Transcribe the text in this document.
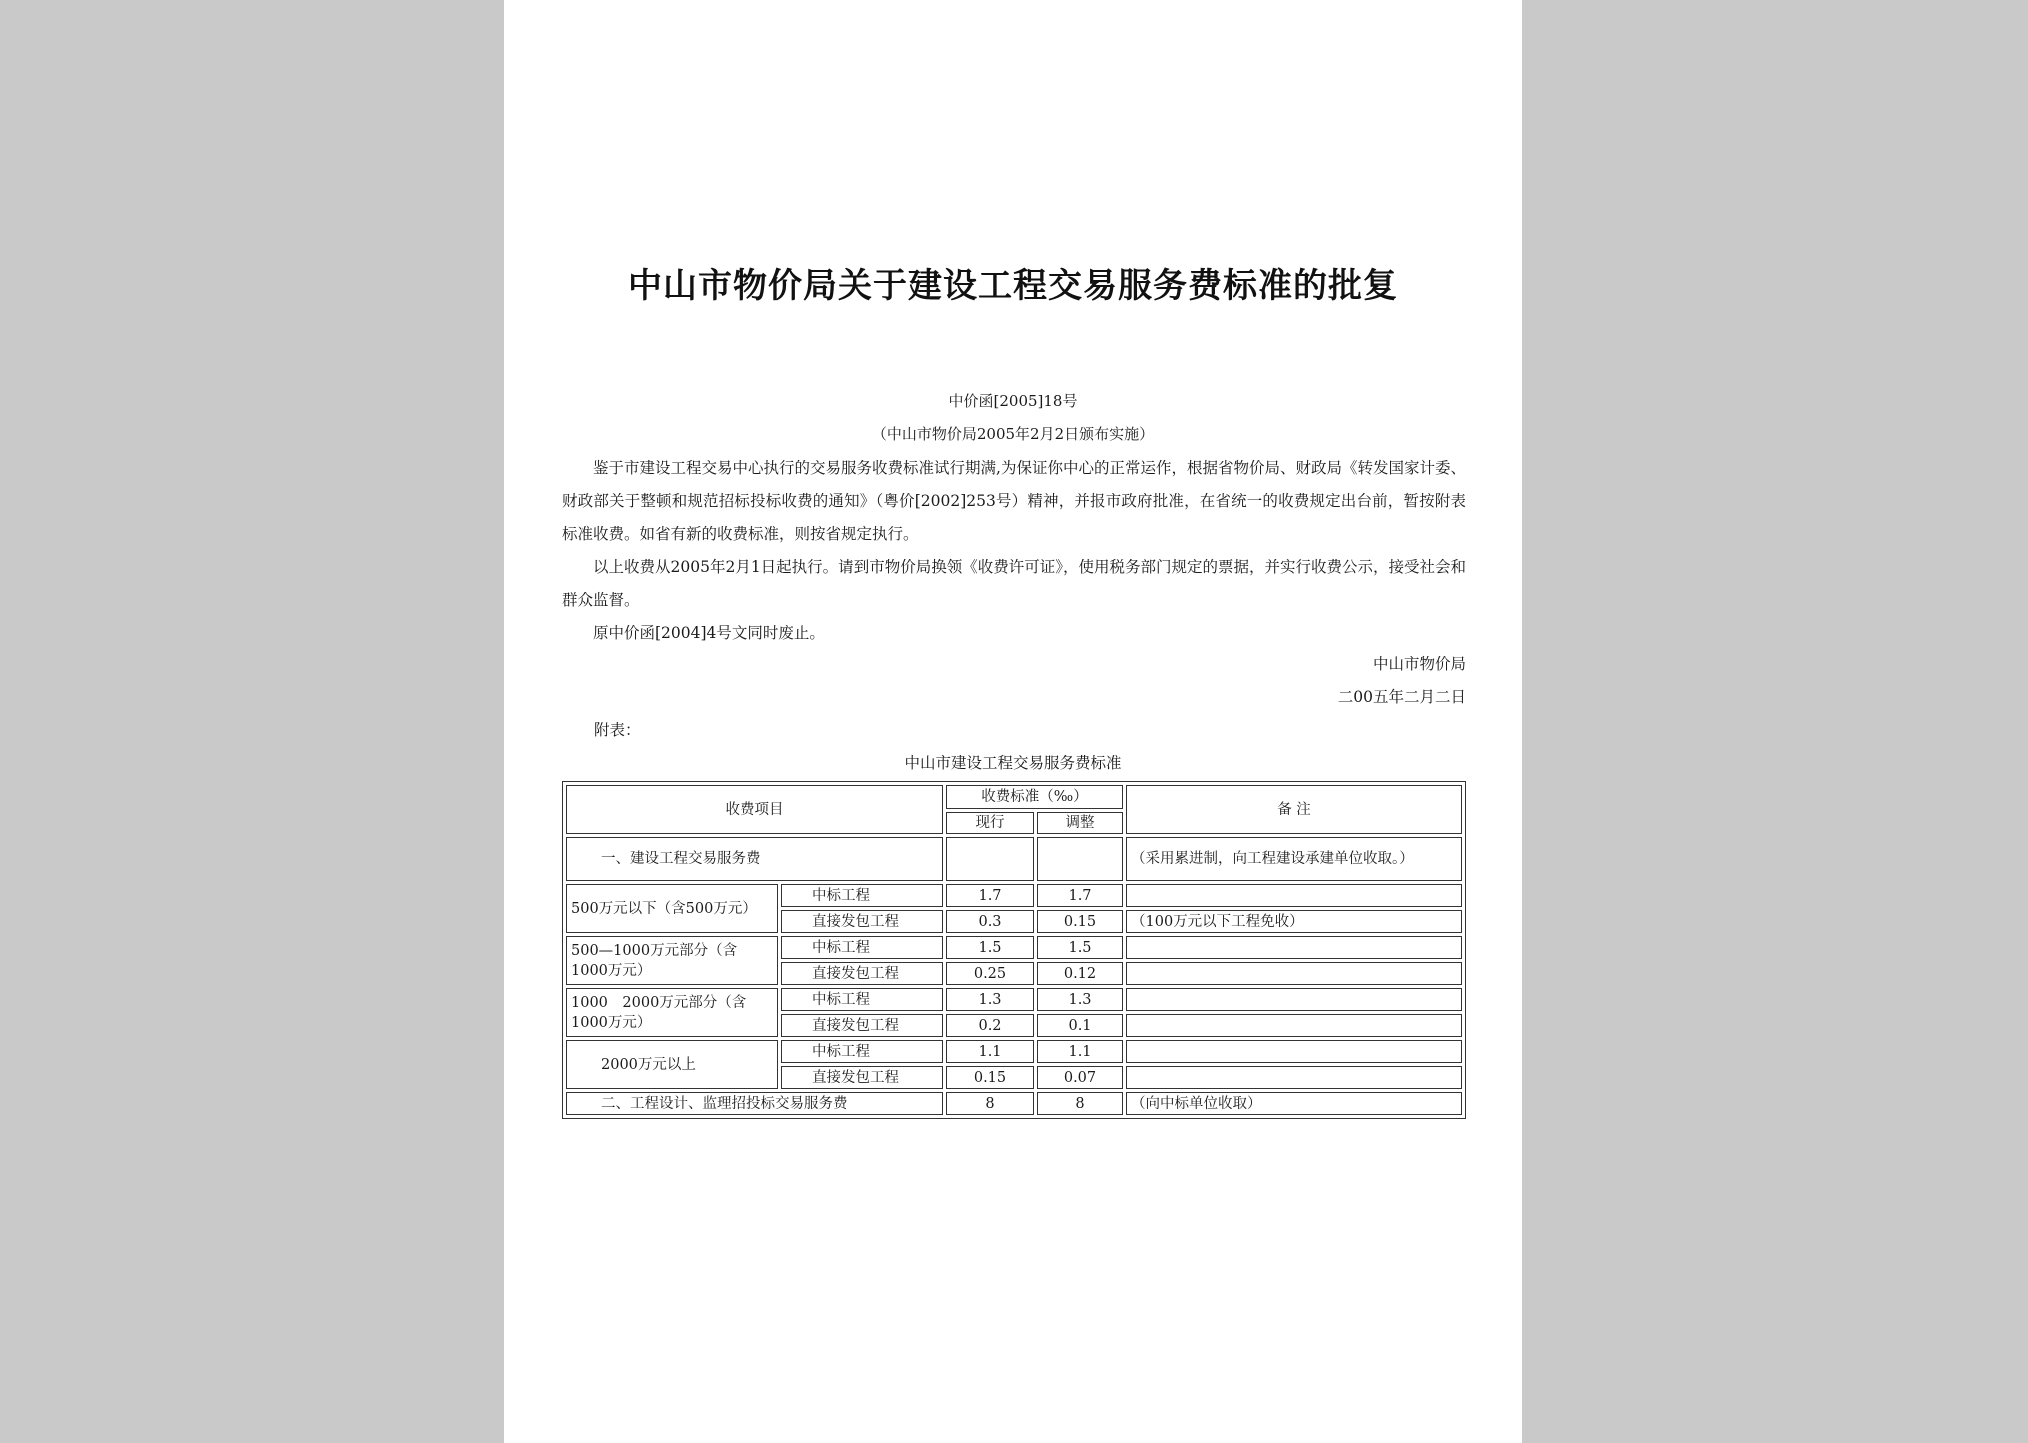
中山市物价局关于建设工程交易服务费标准的批复
中价函[2005]18号
（中山市物价局2005年2月2日颁布实施）

鉴于市建设工程交易中心执行的交易服务收费标准试行期满,为保证你中心的正常运作，根据省物价局、财政局《转发国家计委、财政部关于整顿和规范招标投标收费的通知》（粤价[2002]253号）精神，并报市政府批准，在省统一的收费规定出台前，暂按附表标准收费。如省有新的收费标准，则按省规定执行。

以上收费从2005年2月1日起执行。请到市物价局换领《收费许可证》，使用税务部门规定的票据，并实行收费公示，接受社会和群众监督。

原中价函[2004]4号文同时废止。

中山市物价局
二00五年二月二日
附表：
中山市建设工程交易服务费标准
收费项目		收费标准（‰）		备 注
		现行	调整	
一、建设工程交易服务费				（采用累进制，向工程建设承建单位收取。）
500万元以下（含500万元）	中标工程	1.7	1.7	
	直接发包工程	0.3	0.15	（100万元以下工程免收）
500—1000万元部分（含1000万元）	中标工程	1.5	1.5	
	直接发包工程	0.25	0.12	
1000　2000万元部分（含1000万元）	中标工程	1.3	1.3	
	直接发包工程	0.2	0.1	
2000万元以上	中标工程	1.1	1.1	
	直接发包工程	0.15	0.07	
二、工程设计、监理招投标交易服务费		8	8	（向中标单位收取）
